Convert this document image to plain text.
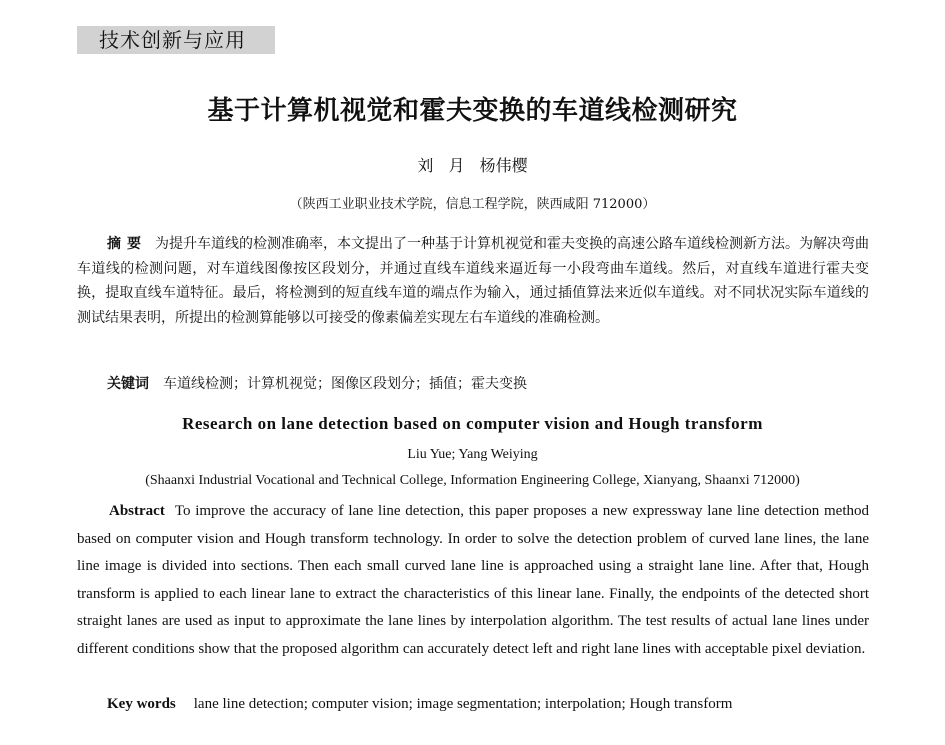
技术创新与应用
基于计算机视觉和霍夫变换的车道线检测研究
刘 月 杨伟樱
（陕西工业职业技术学院，信息工程学院，陕西咸阳 712000）
摘要 为提升车道线的检测准确率，本文提出了一种基于计算机视觉和霍夫变换的高速公路车道线检测新方法。为解决弯曲车道线的检测问题，对车道线图像按区段划分，并通过直线车道线来逼近每一小段弯曲车道线。然后，对直线车道进行霍夫变换，提取直线车道特征。最后，将检测到的短直线车道的端点作为输入，通过插值算法来近似车道线。对不同状况实际车道线的测试结果表明，所提出的检测算能够以可接受的像素偏差实现左右车道线的准确检测。
关键词 车道线检测；计算机视觉；图像区段划分；插值；霍夫变换
Research on lane detection based on computer vision and Hough transform
Liu Yue; Yang Weiying
(Shaanxi Industrial Vocational and Technical College, Information Engineering College, Xianyang, Shaanxi 712000)
Abstract To improve the accuracy of lane line detection, this paper proposes a new expressway lane line detection method based on computer vision and Hough transform technology. In order to solve the detection problem of curved lane lines, the lane line image is divided into sections. Then each small curved lane line is approached using a straight lane line. After that, Hough transform is applied to each linear lane to extract the characteristics of this linear lane. Finally, the endpoints of the detected short straight lanes are used as input to approximate the lane lines by interpolation algorithm. The test results of actual lane lines under different conditions show that the proposed algorithm can accurately detect left and right lane lines with acceptable pixel deviation.
Key words lane line detection; computer vision; image segmentation; interpolation; Hough transform
